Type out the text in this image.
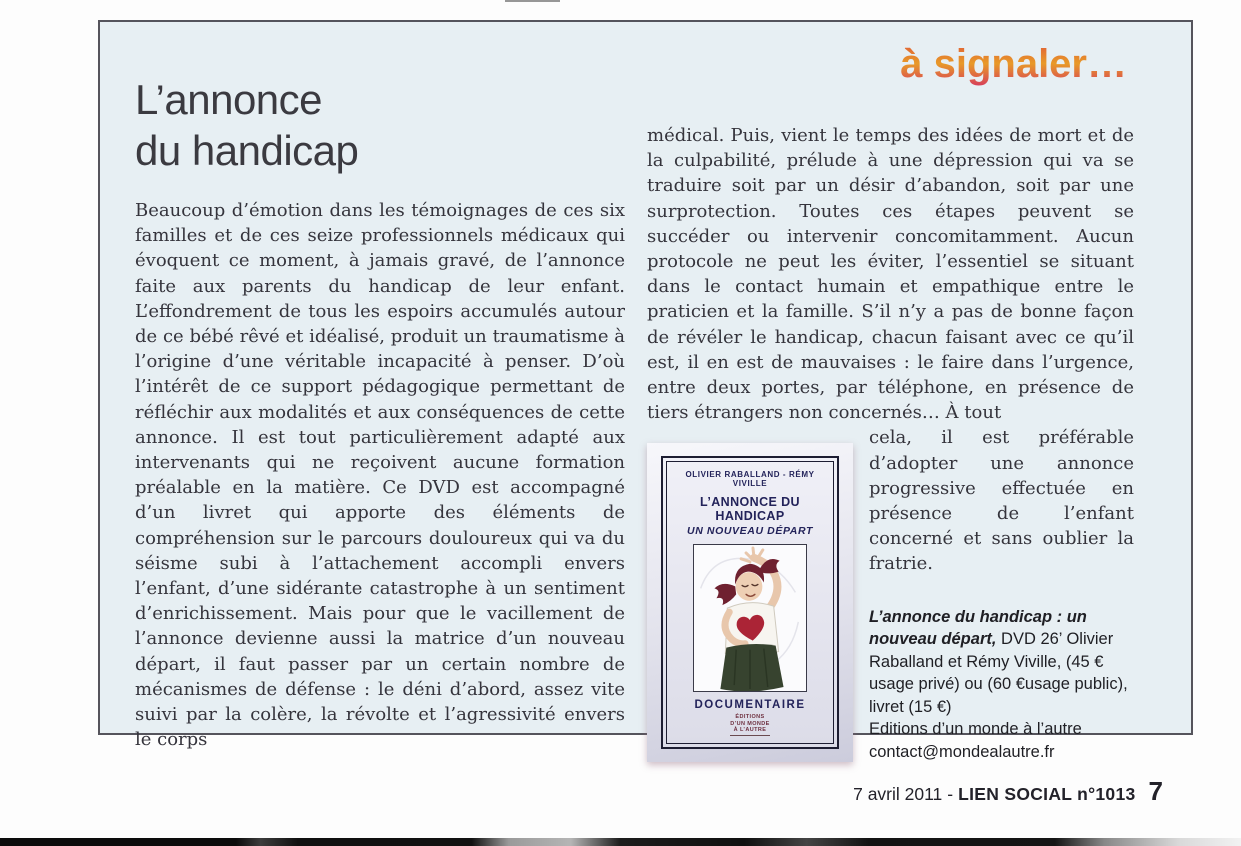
à signaler…
L’annonce
du handicap
Beaucoup d’émotion dans les témoignages de ces six familles et de ces seize professionnels médicaux qui évoquent ce moment, à jamais gravé, de l’annonce faite aux parents du handicap de leur enfant. L’effondrement de tous les espoirs accumulés autour de ce bébé rêvé et idéalisé, produit un traumatisme à l’origine d’une véritable incapacité à penser. D’où l’intérêt de ce support pédagogique permettant de réfléchir aux modalités et aux conséquences de cette annonce. Il est tout particulièrement adapté aux intervenants qui ne reçoivent aucune formation préalable en la matière. Ce DVD est accompagné d’un livret qui apporte des éléments de compréhension sur le parcours douloureux qui va du séisme subi à l’attachement accompli envers l’enfant, d’une sidérante catastrophe à un sentiment d’enrichissement. Mais pour que le vacillement de l’annonce devienne aussi la matrice d’un nouveau départ, il faut passer par un certain nombre de mécanismes de défense : le déni d’abord, assez vite suivi par la colère, la révolte et l’agressivité envers le corps

médical. Puis, vient le temps des idées de mort et de la culpabilité, prélude à une dépression qui va se traduire soit par un désir d’abandon, soit par une surprotection. Toutes ces étapes peuvent se succéder ou intervenir concomitamment. Aucun protocole ne peut les éviter, l’essentiel se situant dans le contact humain et empathique entre le praticien et la famille. S’il n’y a pas de bonne façon de révéler le handicap, chacun faisant avec ce qu’il est, il en est de mauvaises : le faire dans l’urgence, entre deux portes, par téléphone, en présence de tiers étrangers non concernés… À tout

OLIVIER RABALLAND - RÉMY VIVILLE
L’ANNONCE DU HANDICAP
UN NOUVEAU DÉPART
DOCUMENTAIRE
ÉDITIONS
D’UN MONDE
À L’AUTRE

cela, il est préférable d’adopter une annonce progressive effectuée en présence de l’enfant concerné et sans oublier la fratrie.

L’annonce du handicap : un nouveau départ, DVD 26’ Olivier Raballand et Rémy Viville, (45 € usage privé) ou (60 €usage public), livret (15 €)
Editions d’un monde à l’autre
contact@mondealautre.fr
7 avril 2011 - LIEN SOCIAL n°1013 7
